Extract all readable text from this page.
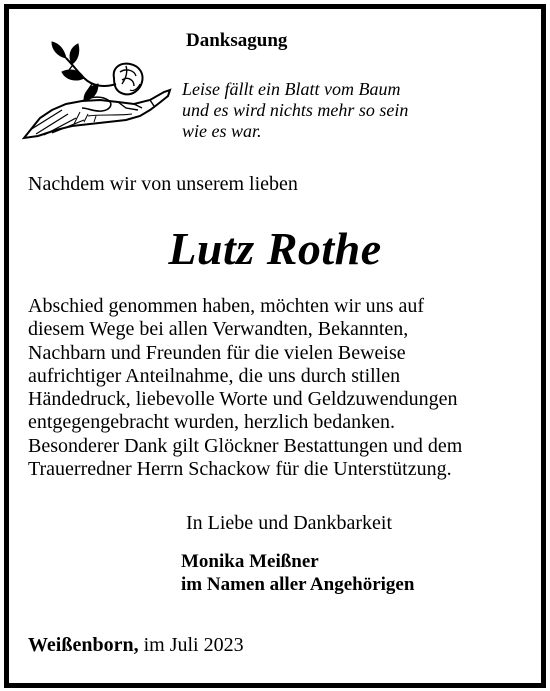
Danksagung
Leise fällt ein Blatt vom Baum
und es wird nichts mehr so sein
wie es war.
Nachdem wir von unserem lieben
Lutz Rothe
Abschied genommen haben, möchten wir uns auf
diesem Wege bei allen Verwandten, Bekannten,
Nachbarn und Freunden für die vielen Beweise
aufrichtiger Anteilnahme, die uns durch stillen
Händedruck, liebevolle Worte und Geldzuwendungen
entgegengebracht wurden, herzlich bedanken.
Besonderer Dank gilt Glöckner Bestattungen und dem
Trauerredner Herrn Schackow für die Unterstützung.
In Liebe und Dankbarkeit
Monika Meißner
im Namen aller Angehörigen
Weißenborn, im Juli 2023
